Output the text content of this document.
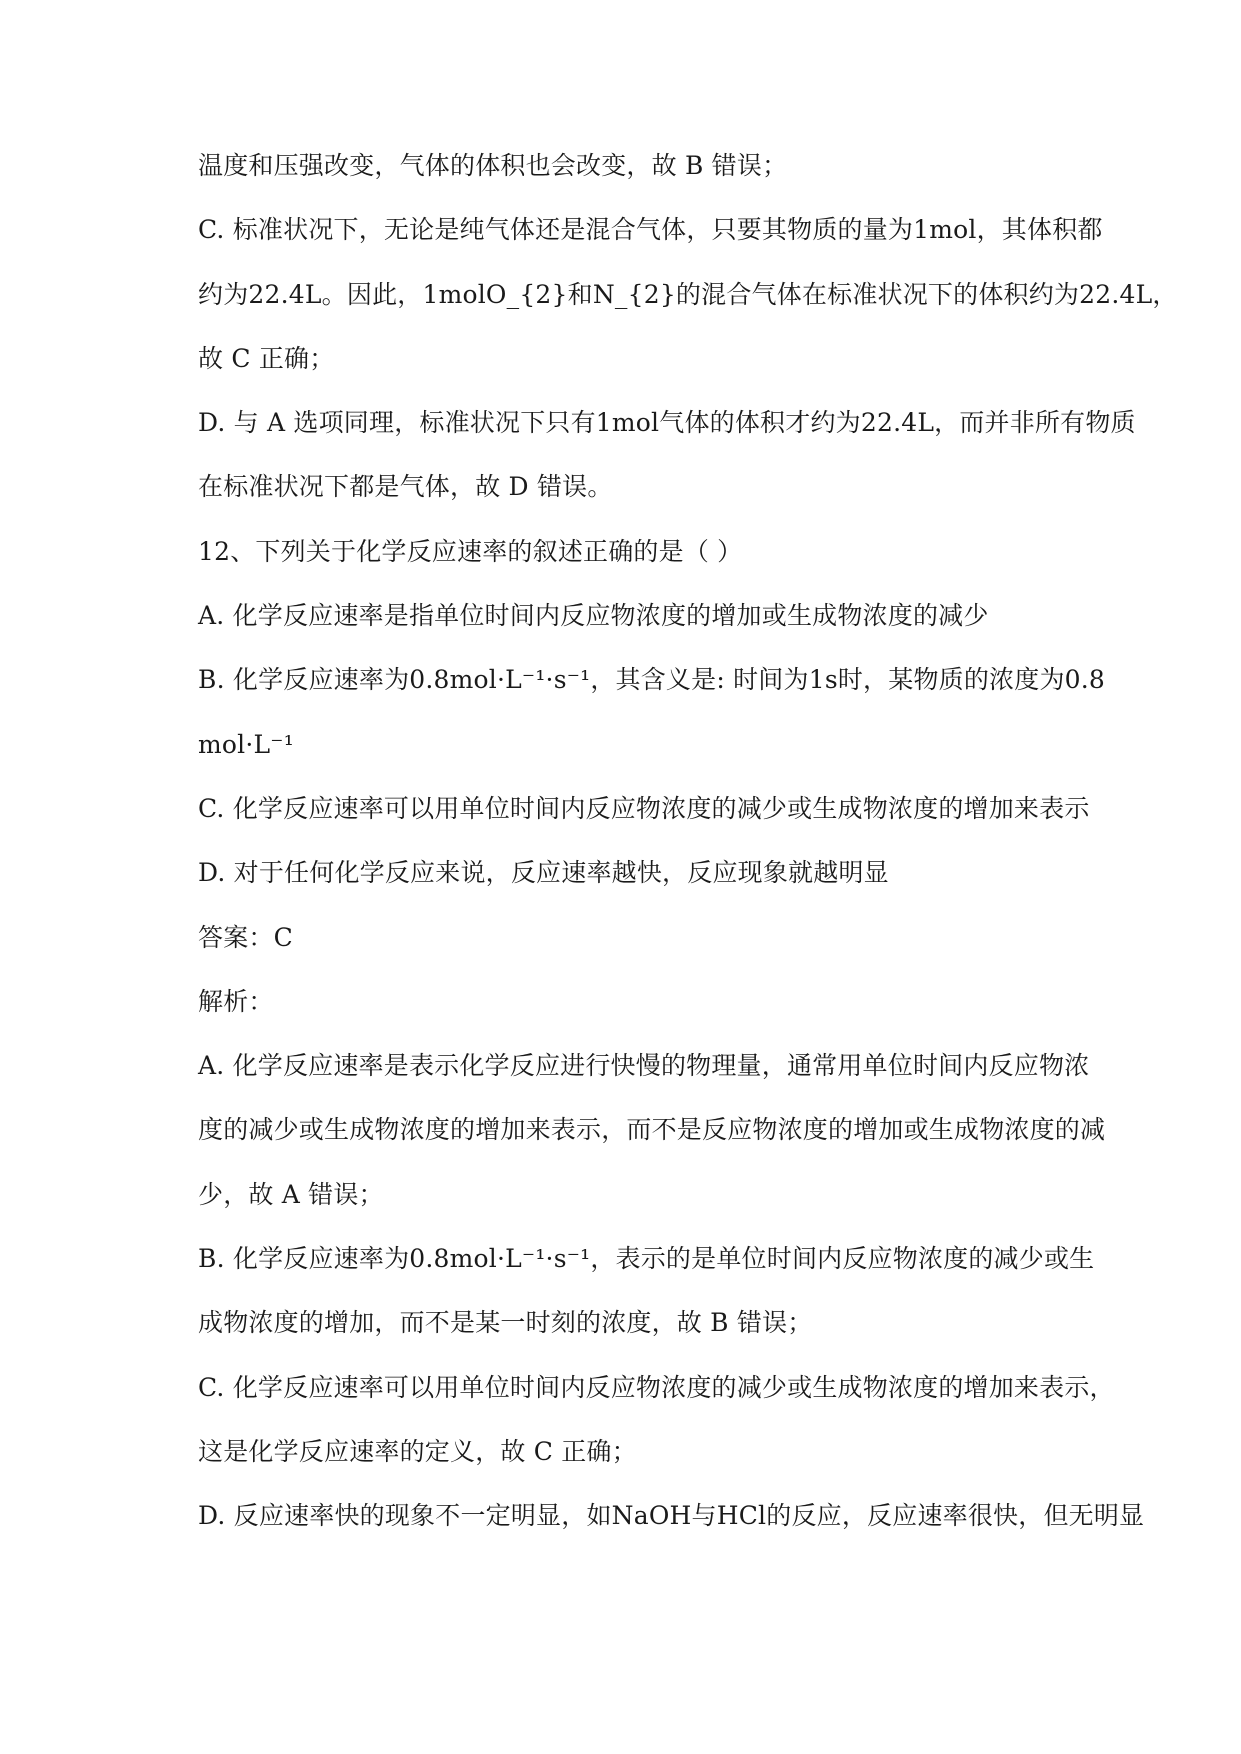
温度和压强改变，气体的体积也会改变，故 B 错误；
C. 标准状况下，无论是纯气体还是混合气体，只要其物质的量为1mol，其体积都
约为22.4L。因此，1molO_{2}和N_{2}的混合气体在标准状况下的体积约为22.4L，
故 C 正确；
D. 与 A 选项同理，标准状况下只有1mol气体的体积才约为22.4L，而并非所有物质
在标准状况下都是气体，故 D 错误。
12、下列关于化学反应速率的叙述正确的是（ ）
A. 化学反应速率是指单位时间内反应物浓度的增加或生成物浓度的减少
B. 化学反应速率为0.8mol·L⁻¹·s⁻¹，其含义是: 时间为1s时，某物质的浓度为0.8
mol·L⁻¹
C. 化学反应速率可以用单位时间内反应物浓度的减少或生成物浓度的增加来表示
D. 对于任何化学反应来说，反应速率越快，反应现象就越明显
答案：C
解析：
A. 化学反应速率是表示化学反应进行快慢的物理量，通常用单位时间内反应物浓
度的减少或生成物浓度的增加来表示，而不是反应物浓度的增加或生成物浓度的减
少，故 A 错误；
B. 化学反应速率为0.8mol·L⁻¹·s⁻¹，表示的是单位时间内反应物浓度的减少或生
成物浓度的增加，而不是某一时刻的浓度，故 B 错误；
C. 化学反应速率可以用单位时间内反应物浓度的减少或生成物浓度的增加来表示，
这是化学反应速率的定义，故 C 正确；
D. 反应速率快的现象不一定明显，如NaOH与HCl的反应，反应速率很快，但无明显
